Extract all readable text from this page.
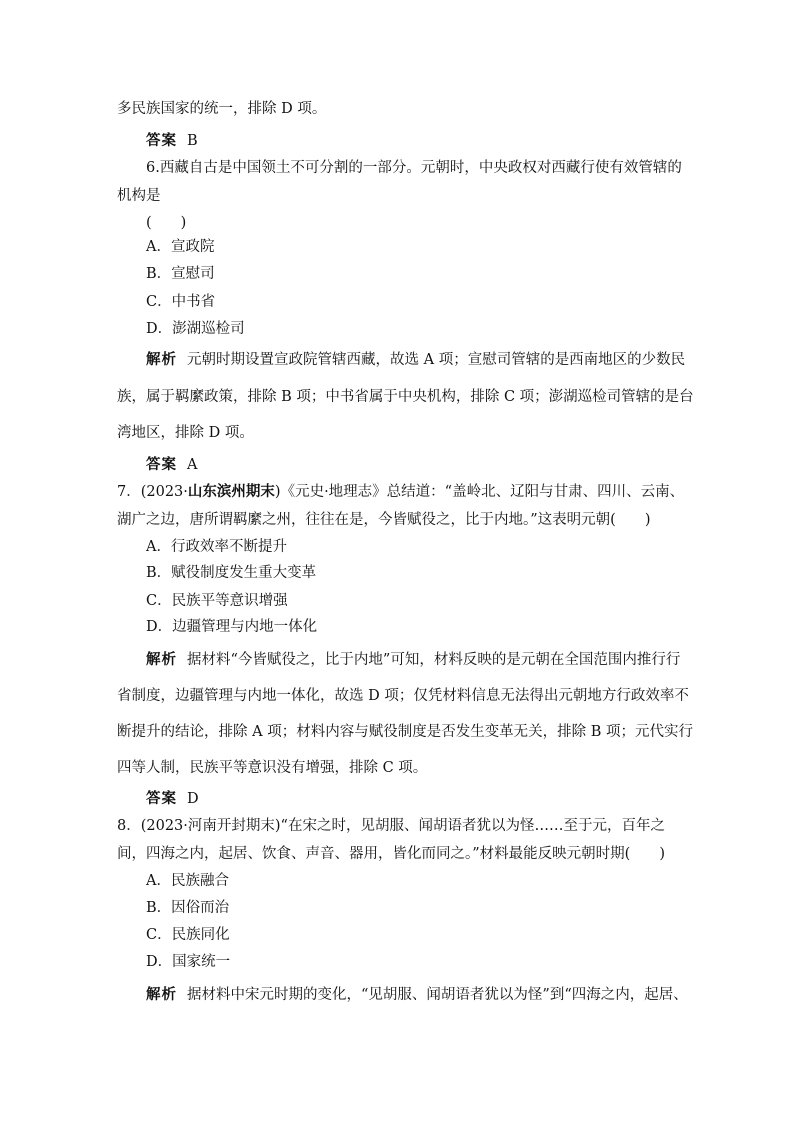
多民族国家的统一，排除 D 项。
答案 B
6.西藏自古是中国领土不可分割的一部分。元朝时，中央政权对西藏行使有效管辖的
机构是
(　　)
A．宣政院
B．宣慰司
C．中书省
D．澎湖巡检司
解析 元朝时期设置宣政院管辖西藏，故选 A 项；宣慰司管辖的是西南地区的少数民
族，属于羁縻政策，排除 B 项；中书省属于中央机构，排除 C 项；澎湖巡检司管辖的是台
湾地区，排除 D 项。
答案 A
7．(2023·山东滨州期末)《元史·地理志》总结道：“盖岭北、辽阳与甘肃、四川、云南、
湖广之边，唐所谓羁縻之州，往往在是，今皆赋役之，比于内地。”这表明元朝(　　)
A．行政效率不断提升
B．赋役制度发生重大变革
C．民族平等意识增强
D．边疆管理与内地一体化
解析 据材料“今皆赋役之，比于内地”可知，材料反映的是元朝在全国范围内推行行
省制度，边疆管理与内地一体化，故选 D 项；仅凭材料信息无法得出元朝地方行政效率不
断提升的结论，排除 A 项；材料内容与赋役制度是否发生变革无关，排除 B 项；元代实行
四等人制，民族平等意识没有增强，排除 C 项。
答案 D
8．(2023·河南开封期末)“在宋之时，见胡服、闻胡语者犹以为怪……至于元，百年之
间，四海之内，起居、饮食、声音、器用，皆化而同之。”材料最能反映元朝时期(　　)
A．民族融合
B．因俗而治
C．民族同化
D．国家统一
解析 据材料中宋元时期的变化，“见胡服、闻胡语者犹以为怪”到“四海之内，起居、
